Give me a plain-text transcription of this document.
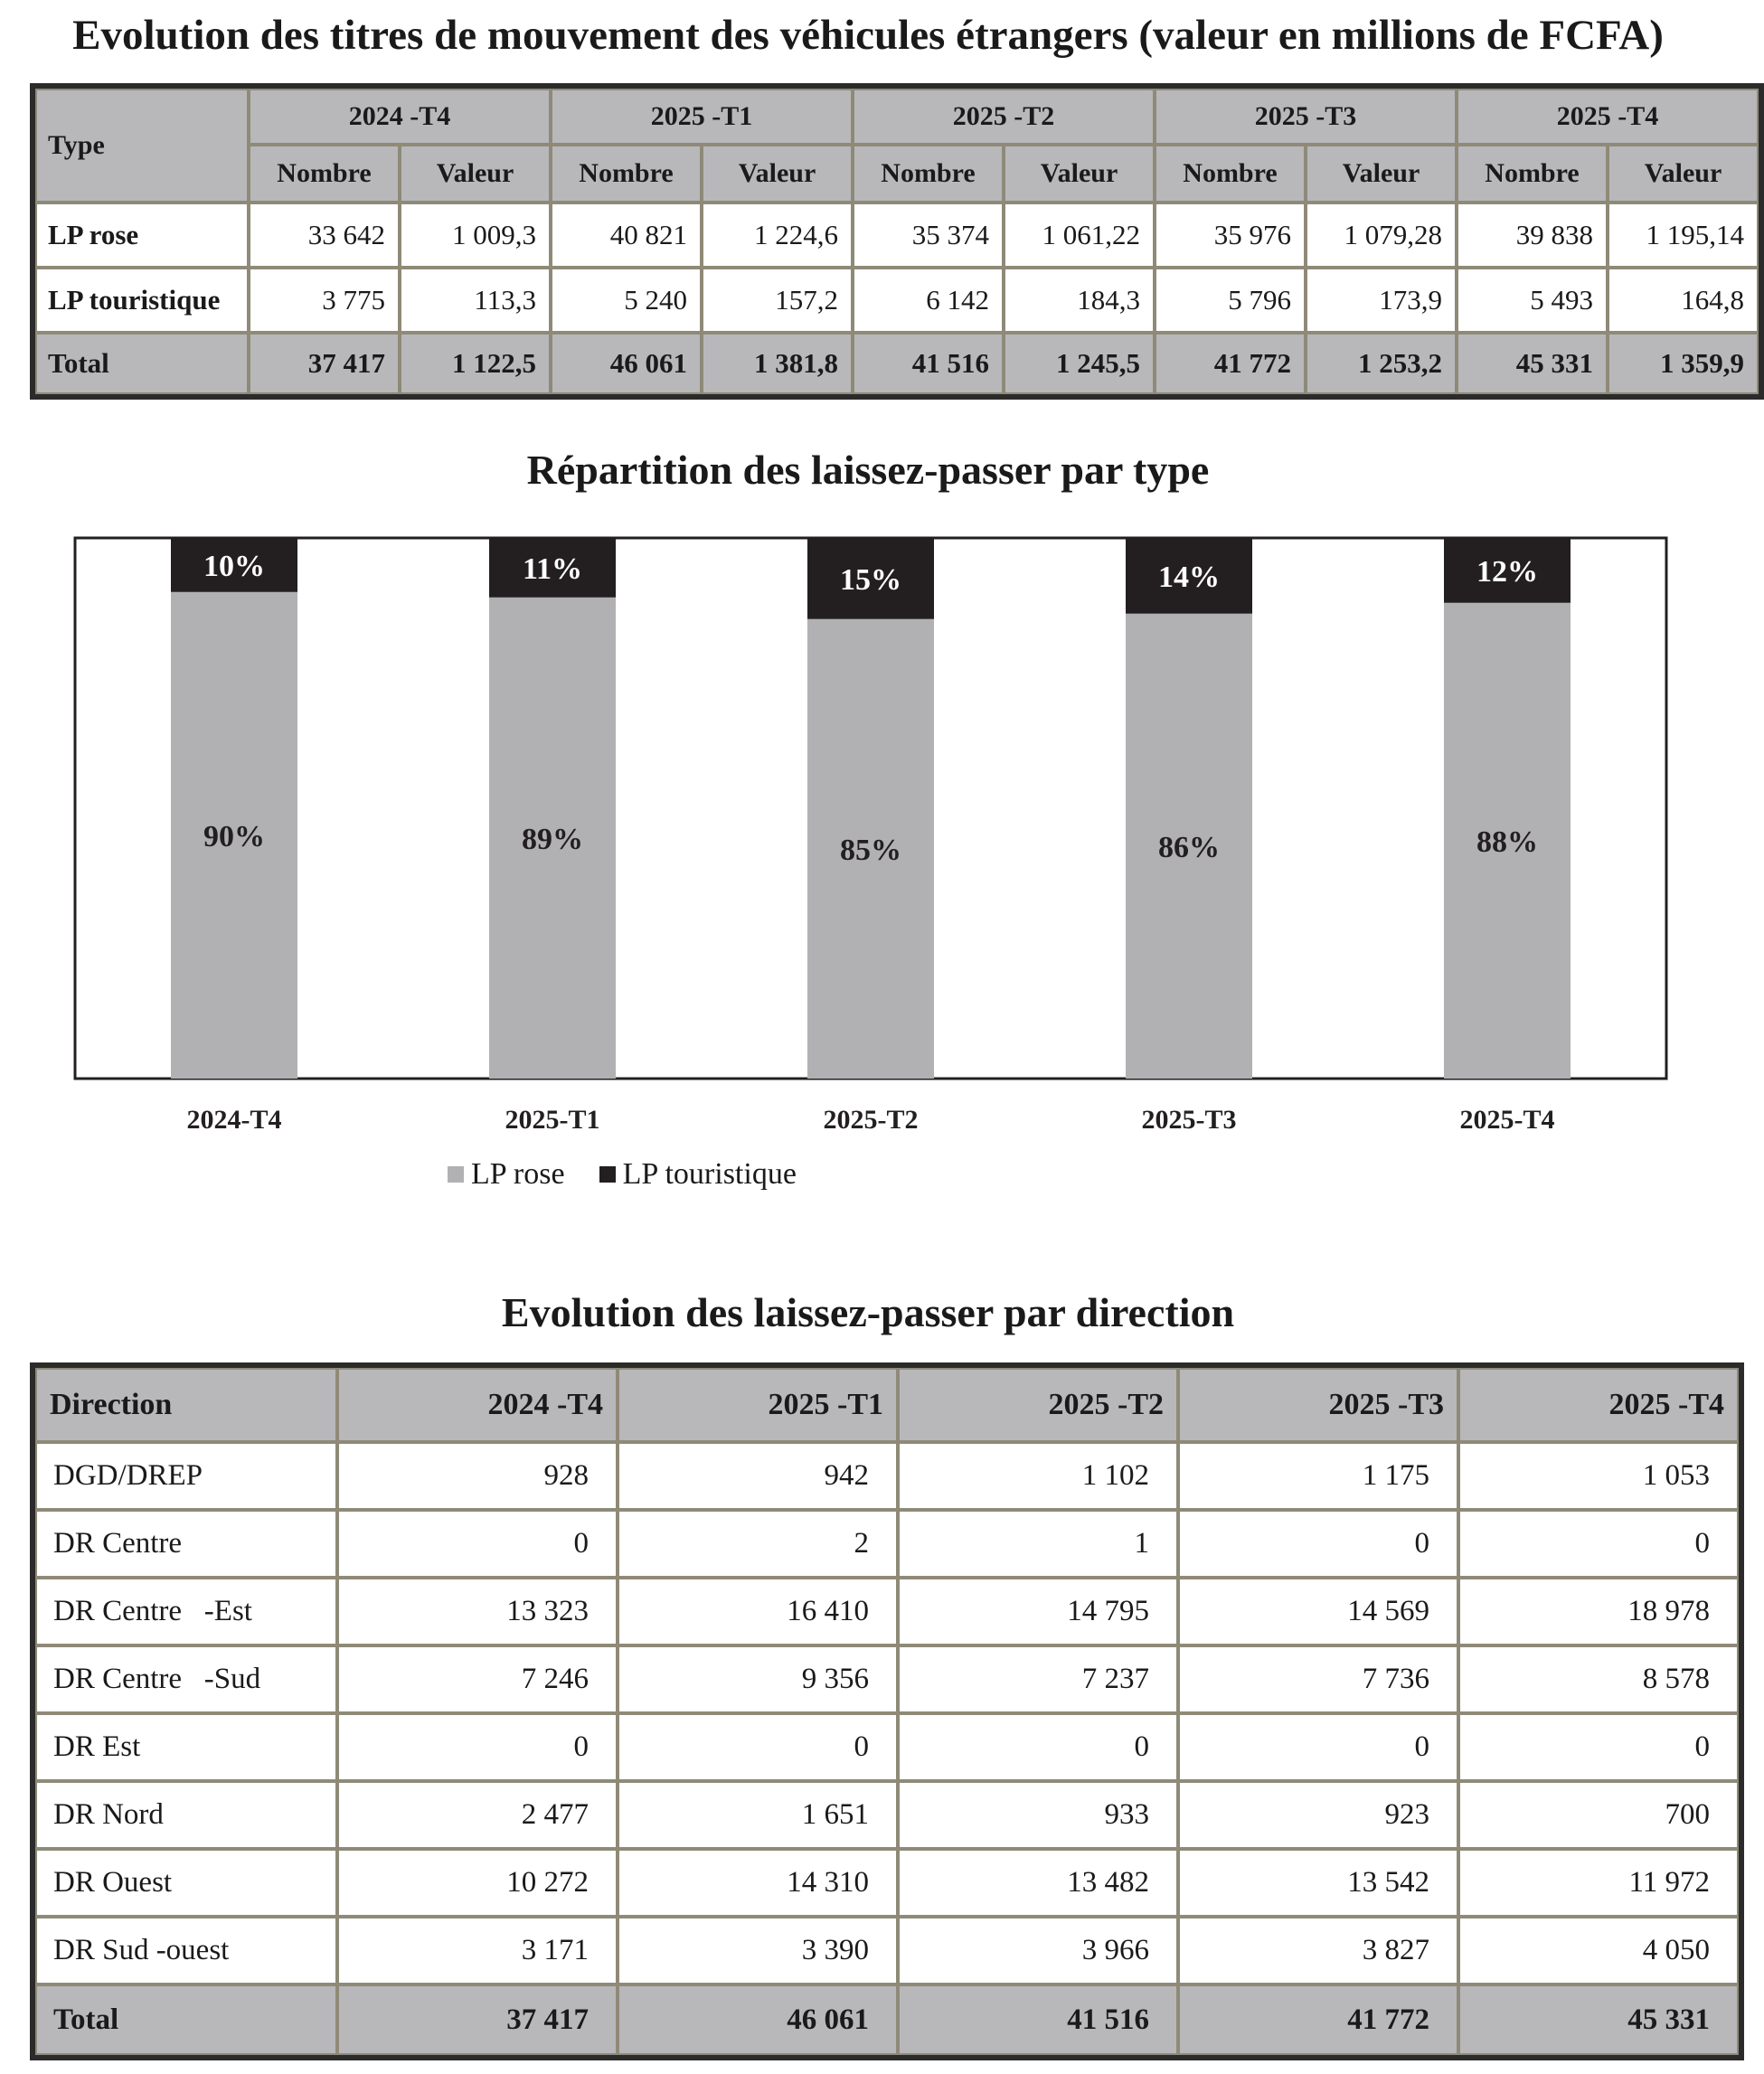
Evolution des titres de mouvement des véhicules étrangers (valeur en millions de FCFA)
Type	2024 -T4		2025 -T1		2025 -T2		2025 -T3		2025 -T4	
	Nombre	Valeur	Nombre	Valeur	Nombre	Valeur	Nombre	Valeur	Nombre	Valeur
LP rose	33 642	1 009,3	40 821	1 224,6	35 374	1 061,22	35 976	1 079,28	39 838	1 195,14
LP touristique	3 775	113,3	5 240	157,2	6 142	184,3	5 796	173,9	5 493	164,8
Total	37 417	1 122,5	46 061	1 381,8	41 516	1 245,5	41 772	1 253,2	45 331	1 359,9
Répartition des laissez-passer par type
90%
10%
2024-T4
89%
11%
2025-T1
85%
15%
2025-T2
86%
14%
2025-T3
88%
12%
2025-T4
LP rose LP touristique
Evolution des laissez-passer par direction
Direction	2024 -T4	2025 -T1	2025 -T2	2025 -T3	2025 -T4
DGD/DREP	928	942	1 102	1 175	1 053
DR Centre	0	2	1	0	0
DR Centre   -Est	13 323	16 410	14 795	14 569	18 978
DR Centre   -Sud	7 246	9 356	7 237	7 736	8 578
DR Est	0	0	0	0	0
DR Nord	2 477	1 651	933	923	700
DR Ouest	10 272	14 310	13 482	13 542	11 972
DR Sud -ouest	3 171	3 390	3 966	3 827	4 050
Total	37 417	46 061	41 516	41 772	45 331
